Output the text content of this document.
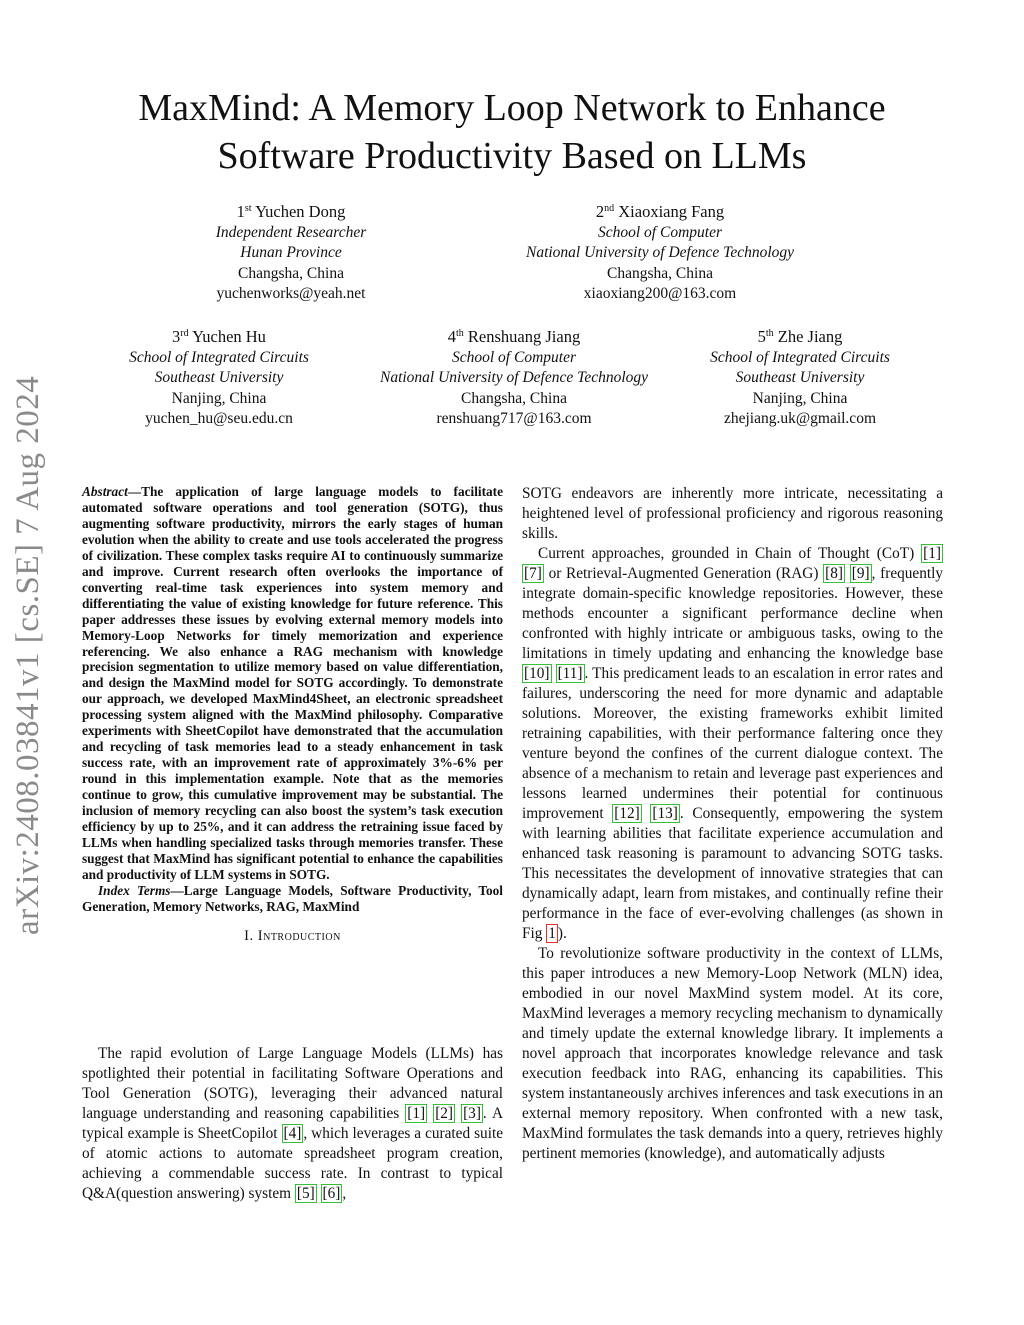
MaxMind: A Memory Loop Network to Enhance
Software Productivity Based on LLMs
1st Yuchen Dong
Independent Researcher
Hunan Province
Changsha, China
yuchenworks@yeah.net
2nd Xiaoxiang Fang
School of Computer
National University of Defence Technology
Changsha, China
xiaoxiang200@163.com
3rd Yuchen Hu
School of Integrated Circuits
Southeast University
Nanjing, China
yuchen_hu@seu.edu.cn
4th Renshuang Jiang
School of Computer
National University of Defence Technology
Changsha, China
renshuang717@163.com
5th Zhe Jiang
School of Integrated Circuits
Southeast University
Nanjing, China
zhejiang.uk@gmail.com
arXiv:2408.03841v1 [cs.SE] 7 Aug 2024	Abstract—The application of large language models to facilitate automated software operations and tool generation (SOTG), thus augmenting software productivity, mirrors the early stages of human evolution when the ability to create and use tools accelerated the progress of civilization. These complex tasks require AI to continuously summarize and improve. Current research often overlooks the importance of converting real-time task experiences into system memory and differentiating the value of existing knowledge for future reference. This paper addresses these issues by evolving external memory models into Memory-Loop Networks for timely memorization and experience referencing. We also enhance a RAG mechanism with knowledge precision segmentation to utilize memory based on value differentiation, and design the MaxMind model for SOTG accordingly. To demonstrate our approach, we developed MaxMind4Sheet, an electronic spreadsheet processing system aligned with the MaxMind philosophy. Comparative experiments with SheetCopilot have demonstrated that the accumulation and recycling of task memories lead to a steady enhancement in task success rate, with an improvement rate of approximately 3%-6% per round in this implementation example. Note that as the memories continue to grow, this cumulative improvement may be substantial. The inclusion of memory recycling can also boost the system’s task execution efficiency by up to 25%, and it can address the retraining issue faced by LLMs when handling specialized tasks through memories transfer. These suggest that MaxMind has significant potential to enhance the capabilities and productivity of LLM systems in SOTG.
Index Terms—Large Language Models, Software Productivity, Tool Generation, Memory Networks, RAG, MaxMind
I. Introduction

The rapid evolution of Large Language Models (LLMs) has spotlighted their potential in facilitating Software Operations and Tool Generation (SOTG), leveraging their advanced natural language understanding and reasoning capabilities [1] [2] [3] . A typical example is SheetCopilot [4] , which leverages a curated suite of atomic actions to automate spreadsheet program creation, achieving a commendable success rate. In contrast to typical Q&A(question answering) system [5] [6] ,

SOTG endeavors are inherently more intricate, necessitating a heightened level of professional proficiency and rigorous reasoning skills.

Current approaches, grounded in Chain of Thought (CoT) [1] [7] or Retrieval-Augmented Generation (RAG) [8] [9] , frequently integrate domain-specific knowledge repositories. However, these methods encounter a significant performance decline when confronted with highly intricate or ambiguous tasks, owing to the limitations in timely updating and enhancing the knowledge base [10] [11] . This predicament leads to an escalation in error rates and failures, underscoring the need for more dynamic and adaptable solutions. Moreover, the existing frameworks exhibit limited retraining capabilities, with their performance faltering once they venture beyond the confines of the current dialogue context. The absence of a mechanism to retain and leverage past experiences and lessons learned undermines their potential for continuous improvement [12] [13] . Consequently, empowering the system with learning abilities that facilitate experience accumulation and enhanced task reasoning is paramount to advancing SOTG tasks. This necessitates the development of innovative strategies that can dynamically adapt, learn from mistakes, and continually refine their performance in the face of ever-evolving challenges (as shown in Fig 1 ).

To revolutionize software productivity in the context of LLMs, this paper introduces a new Memory-Loop Network (MLN) idea, embodied in our novel MaxMind system model. At its core, MaxMind leverages a memory recycling mechanism to dynamically and timely update the external knowledge library. It implements a novel approach that incorporates knowledge relevance and task execution feedback into RAG, enhancing its capabilities. This system instantaneously archives inferences and task executions in an external memory repository. When confronted with a new task, MaxMind formulates the task demands into a query, retrieves highly pertinent memories (knowledge), and automatically adjusts
